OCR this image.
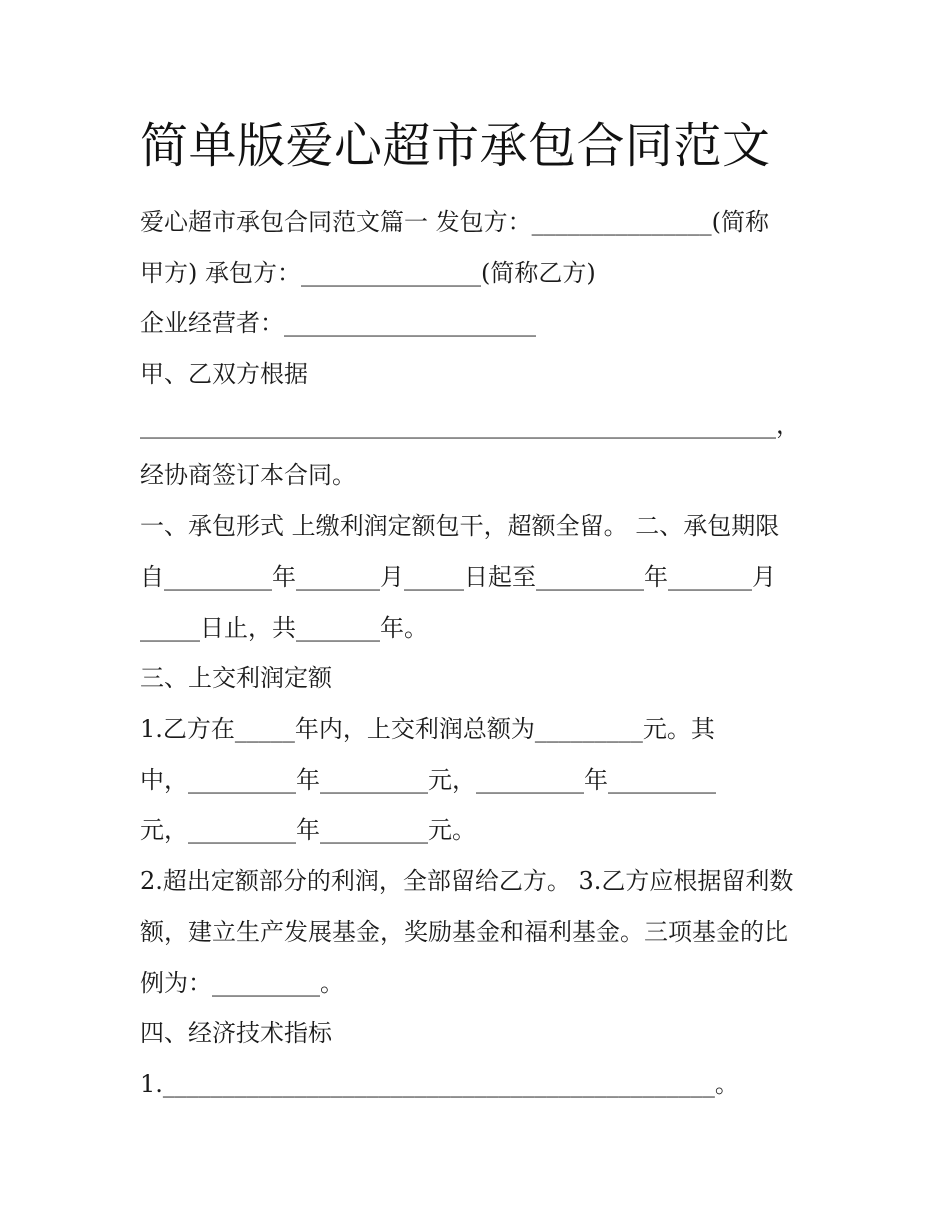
简单版爱心超市承包合同范文
爱心超市承包合同范文篇一 发包方：_______________(简称
甲方) 承包方：_______________(简称乙方)
企业经营者：_____________________
甲、乙双方根据
_____________________________________________________，
经协商签订本合同。
一、承包形式 上缴利润定额包干，超额全留。 二、承包期限
自_________年_______月_____日起至_________年_______月
_____日止，共_______年。
三、上交利润定额
1.乙方在_____年内，上交利润总额为_________元。其
中，_________年_________元，_________年_________
元，_________年_________元。
2.超出定额部分的利润，全部留给乙方。 3.乙方应根据留利数
额，建立生产发展基金，奖励基金和福利基金。三项基金的比
例为：_________。
四、经济技术指标
1.______________________________________________。
